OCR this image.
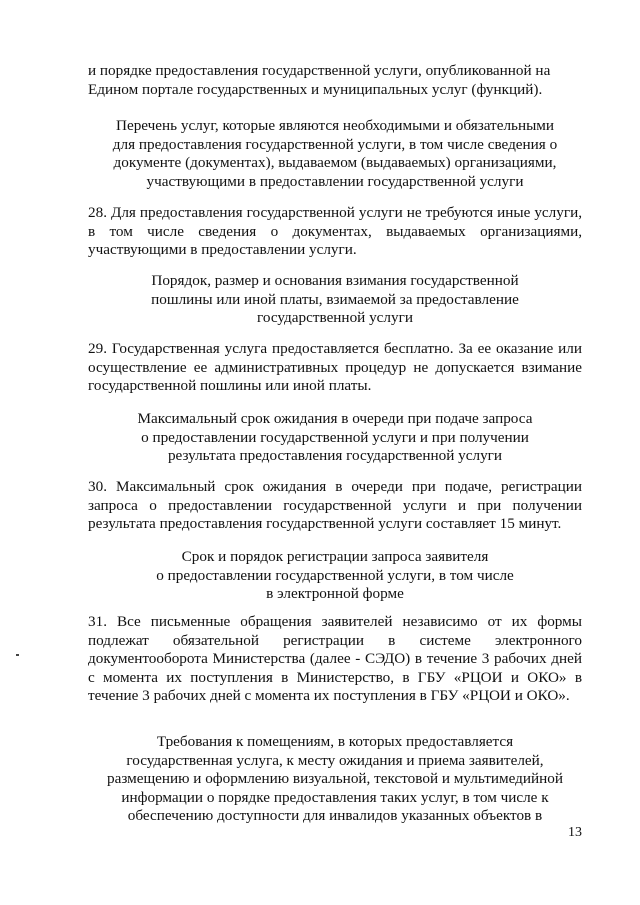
и порядке предоставления государственной услуги, опубликованной на
Едином портале государственных и муниципальных услуг (функций).

Перечень услуг, которые являются необходимыми и обязательными
для предоставления государственной услуги, в том числе сведения о
документе (документах), выдаваемом (выдаваемых) организациями,
участвующими в предоставлении государственной услуги

28. Для предоставления государственной услуги не требуются иные услуги, в том числе сведения о документах, выдаваемых организациями, участвующими в предоставлении услуги.

Порядок, размер и основания взимания государственной
пошлины или иной платы, взимаемой за предоставление
государственной услуги

29. Государственная услуга предоставляется бесплатно. За ее оказание или осуществление ее административных процедур не допускается взимание государственной пошлины или иной платы.

Максимальный срок ожидания в очереди при подаче запроса
о предоставлении государственной услуги и при получении
результата предоставления государственной услуги

30. Максимальный срок ожидания в очереди при подаче, регистрации запроса о предоставлении государственной услуги и при получении результата предоставления государственной услуги составляет 15 минут.

Срок и порядок регистрации запроса заявителя
о предоставлении государственной услуги, в том числе
в электронной форме

31. Все письменные обращения заявителей независимо от их формы подлежат обязательной регистрации в системе электронного документооборота Министерства (далее - СЭДО) в течение 3 рабочих дней с момента их поступления в Министерство, в ГБУ «РЦОИ и ОКО» в течение 3 рабочих дней с момента их поступления в ГБУ «РЦОИ и ОКО».

Требования к помещениям, в которых предоставляется
государственная услуга, к месту ожидания и приема заявителей,
размещению и оформлению визуальной, текстовой и мультимедийной
информации о порядке предоставления таких услуг, в том числе к
обеспечению доступности для инвалидов указанных объектов в

13
